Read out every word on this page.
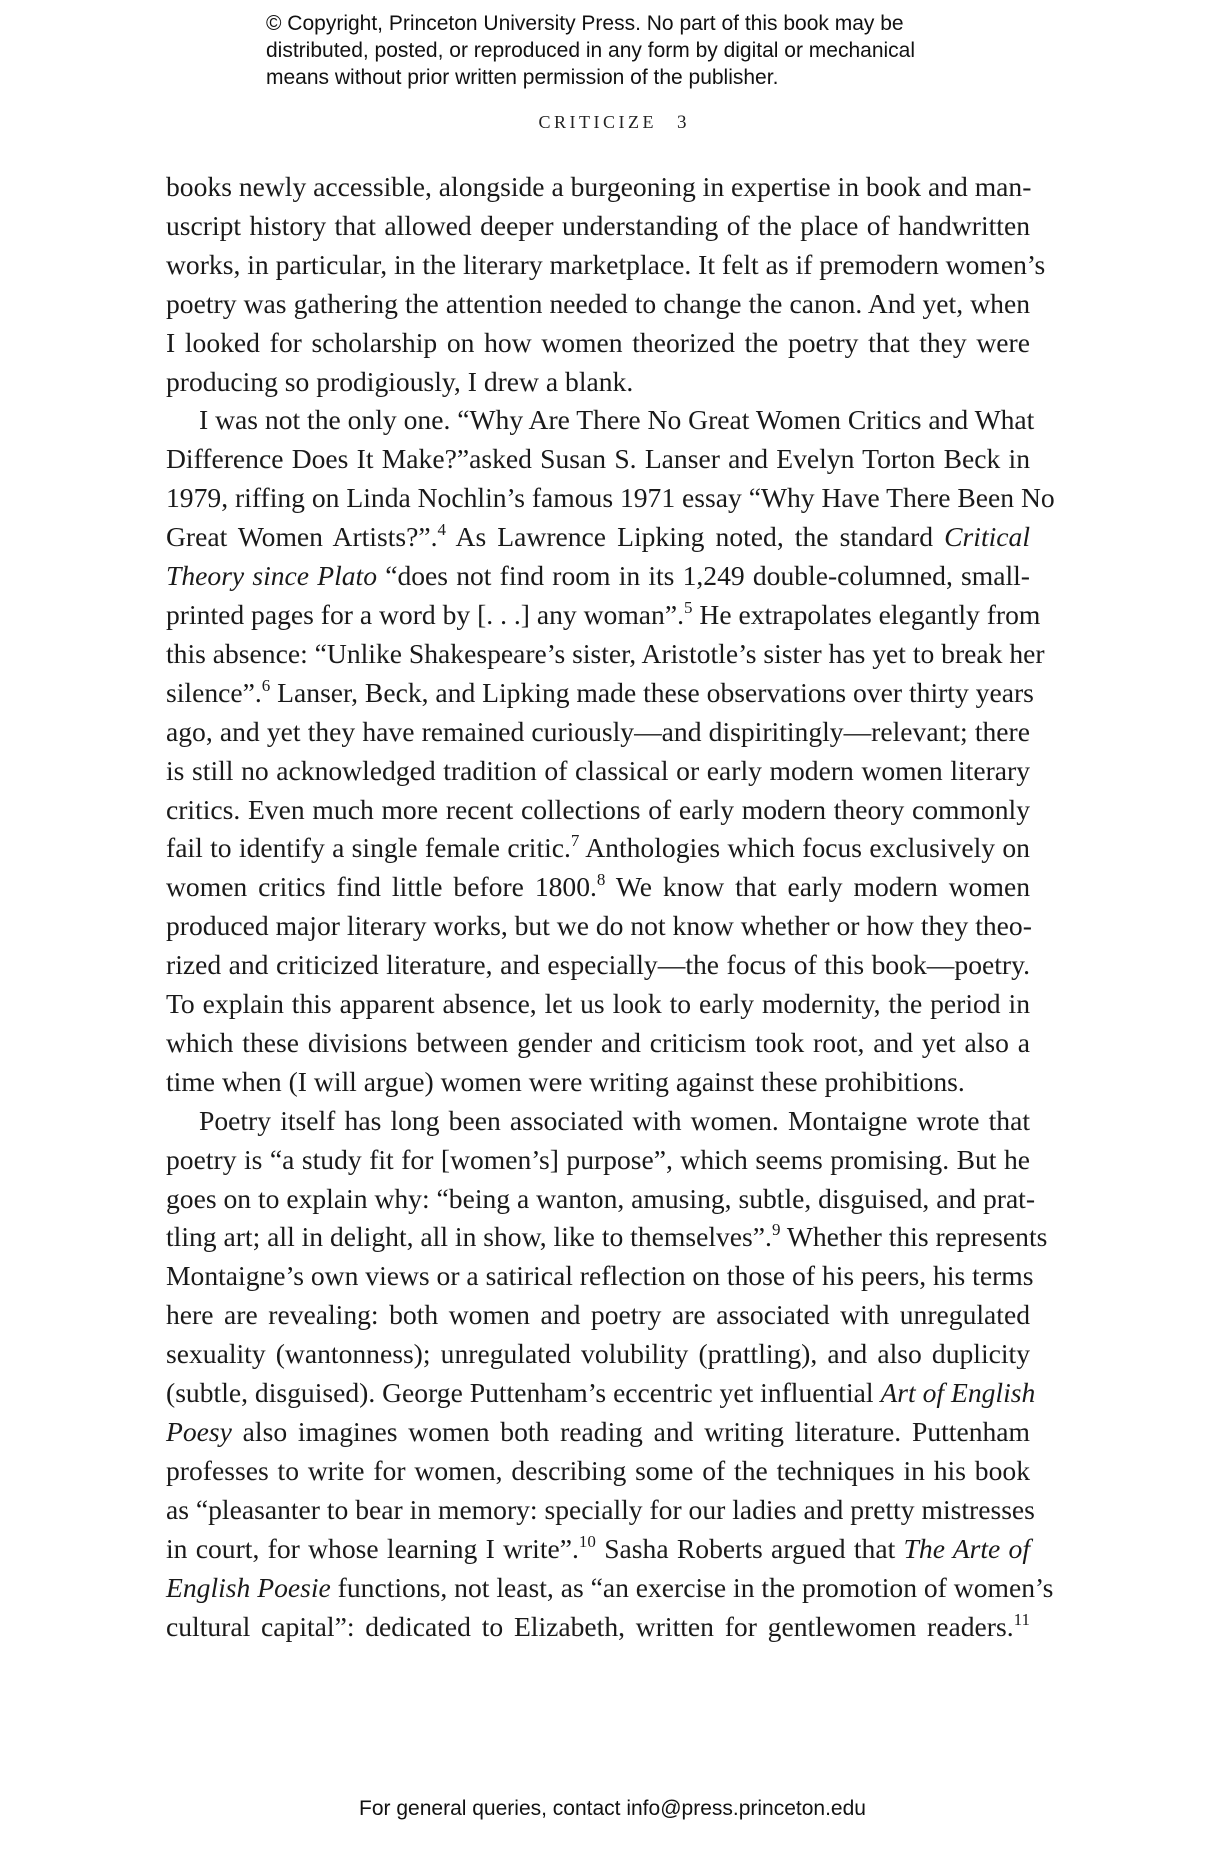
© Copyright, Princeton University Press. No part of this book may be
distributed, posted, or reproduced in any form by digital or mechanical
means without prior written permission of the publisher.
CRITICIZE 3

books newly accessible, alongside a burgeoning in expertise in book and man-
uscript history that allowed deeper understanding of the place of handwritten
works, in particular, in the literary marketplace. It felt as if premodern women’s
poetry was gathering the attention needed to change the canon. And yet, when
I looked for scholarship on how women theorized the poetry that they were
producing so prodigiously, I drew a blank.

I was not the only one. “Why Are There No Great Women Critics and What
Difference Does It Make?”asked Susan S. Lanser and Evelyn Torton Beck in
1979, riffing on Linda Nochlin’s famous 1971 essay “Why Have There Been No
Great Women Artists?”.$^4$ As Lawrence Lipking noted, the standard Critical
Theory since Plato “does not find room in its 1,249 double-columned, small-
printed pages for a word by [. . .] any woman”.$^5$ He extrapolates elegantly from
this absence: “Unlike Shakespeare’s sister, Aristotle’s sister has yet to break her
silence”.$^6$ Lanser, Beck, and Lipking made these observations over thirty years
ago, and yet they have remained curiously—and dispiritingly—relevant; there
is still no acknowledged tradition of classical or early modern women literary
critics. Even much more recent collections of early modern theory commonly
fail to identify a single female critic.$^7$ Anthologies which focus exclusively on
women critics find little before 1800.$^8$ We know that early modern women
produced major literary works, but we do not know whether or how they theo-
rized and criticized literature, and especially—the focus of this book—poetry.
To explain this apparent absence, let us look to early modernity, the period in
which these divisions between gender and criticism took root, and yet also a
time when (I will argue) women were writing against these prohibitions.

Poetry itself has long been associated with women. Montaigne wrote that
poetry is “a study fit for [women’s] purpose”, which seems promising. But he
goes on to explain why: “being a wanton, amusing, subtle, disguised, and prat-
tling art; all in delight, all in show, like to themselves”.$^9$ Whether this represents
Montaigne’s own views or a satirical reflection on those of his peers, his terms
here are revealing: both women and poetry are associated with unregulated
sexuality (wantonness); unregulated volubility (prattling), and also duplicity
(subtle, disguised). George Puttenham’s eccentric yet influential Art of English
Poesy also imagines women both reading and writing literature. Puttenham
professes to write for women, describing some of the techniques in his book
as “pleasanter to bear in memory: specially for our ladies and pretty mistresses
in court, for whose learning I write”.$^{10}$ Sasha Roberts argued that The Arte of
English Poesie functions, not least, as “an exercise in the promotion of women’s
cultural capital”: dedicated to Elizabeth, written for gentlewomen readers.$^{11}$

For general queries, contact info@press.princeton.edu
